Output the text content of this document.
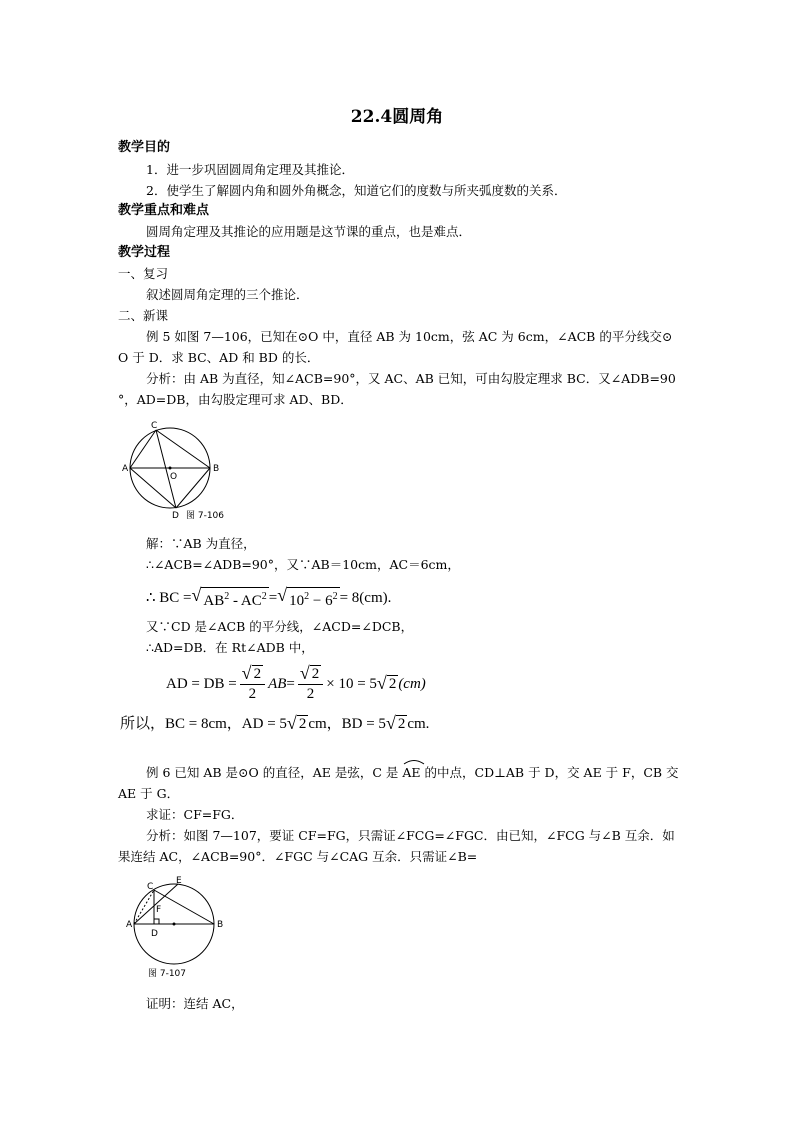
22.4圆周角
教学目的
1．进一步巩固圆周角定理及其推论．
2．使学生了解圆内角和圆外角概念，知道它们的度数与所夹弧度数的关系．
教学重点和难点
圆周角定理及其推论的应用题是这节课的重点，也是难点．
教学过程
一、复习
叙述圆周角定理的三个推论．
二、新课
例 5 如图 7—106，已知在⊙O 中，直径 AB 为 10cm，弦 AC 为 6cm，∠ACB 的平分线交⊙
O 于 D．求 BC、AD 和 BD 的长．
分析：由 AB 为直径，知∠ACB=90°，又 AC、AB 已知，可由勾股定理求 BC．又∠ADB=90
°，AD=DB，由勾股定理可求 AD、BD．
C
A	B
O
D 图 7-106
解：∵AB 为直径，
∴∠ACB=∠ADB=90°，又∵AB＝10cm，AC＝6cm，
∴ BC = √ $AB^2 - AC^2$ = √ $10^2 - 6^2 = 8(cm)$.
又∵CD 是∠ACB 的平分线，∠ACD=∠DCB，
∴AD=DB．在 Rt∠ADB 中，
AD = DB = $\frac{√ 2}{2}$ AB = $\frac{√ 2}{2} \times 10 = 5$ √ 2 (cm)
所以，BC = 8cm，AD = 5 √ 2 cm，BD = 5 √ 2 cm.
例 6 已知 AB 是⊙O 的直径，AE 是弦，C 是 AE 的中点，CD⊥AB 于 D，交 AE 于 F，CB 交
AE 于 G．
求证：CF=FG．
分析：如图 7—107，要证 CF=FG，只需证∠FCG=∠FGC．由已知，∠FCG 与∠B 互余．如
果连结 AC，∠ACB=90°．∠FGC 与∠CAG 互余．只需证∠B=
C
E
A	B
F
D
图 7-107
证明：连结 AC，
